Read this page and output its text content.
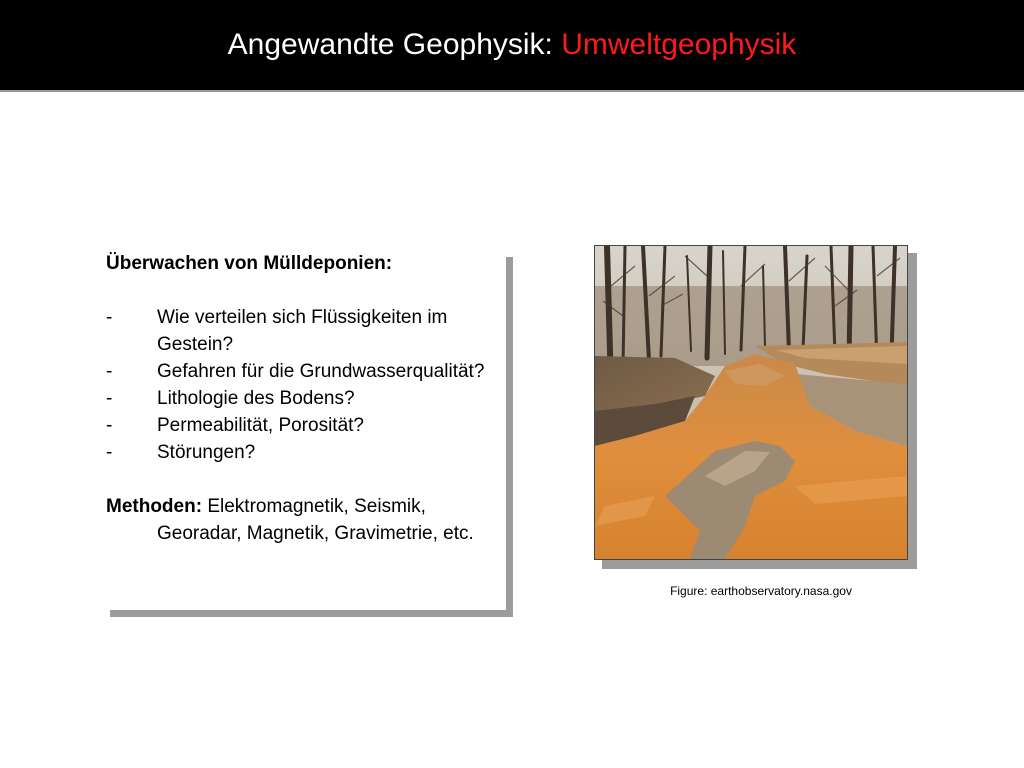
Angewandte Geophysik: Umweltgeophysik

Überwachen von Mülldeponien:

- Wie verteilen sich Flüssigkeiten im Gestein?
- Gefahren für die Grundwasserqualität?
- Lithologie des Bodens?
- Permeabilität, Porosität?
- Störungen?

Methoden: Elektromagnetik, Seismik, Georadar, Magnetik, Gravimetrie, etc.

Figure: earthobservatory.nasa.gov
